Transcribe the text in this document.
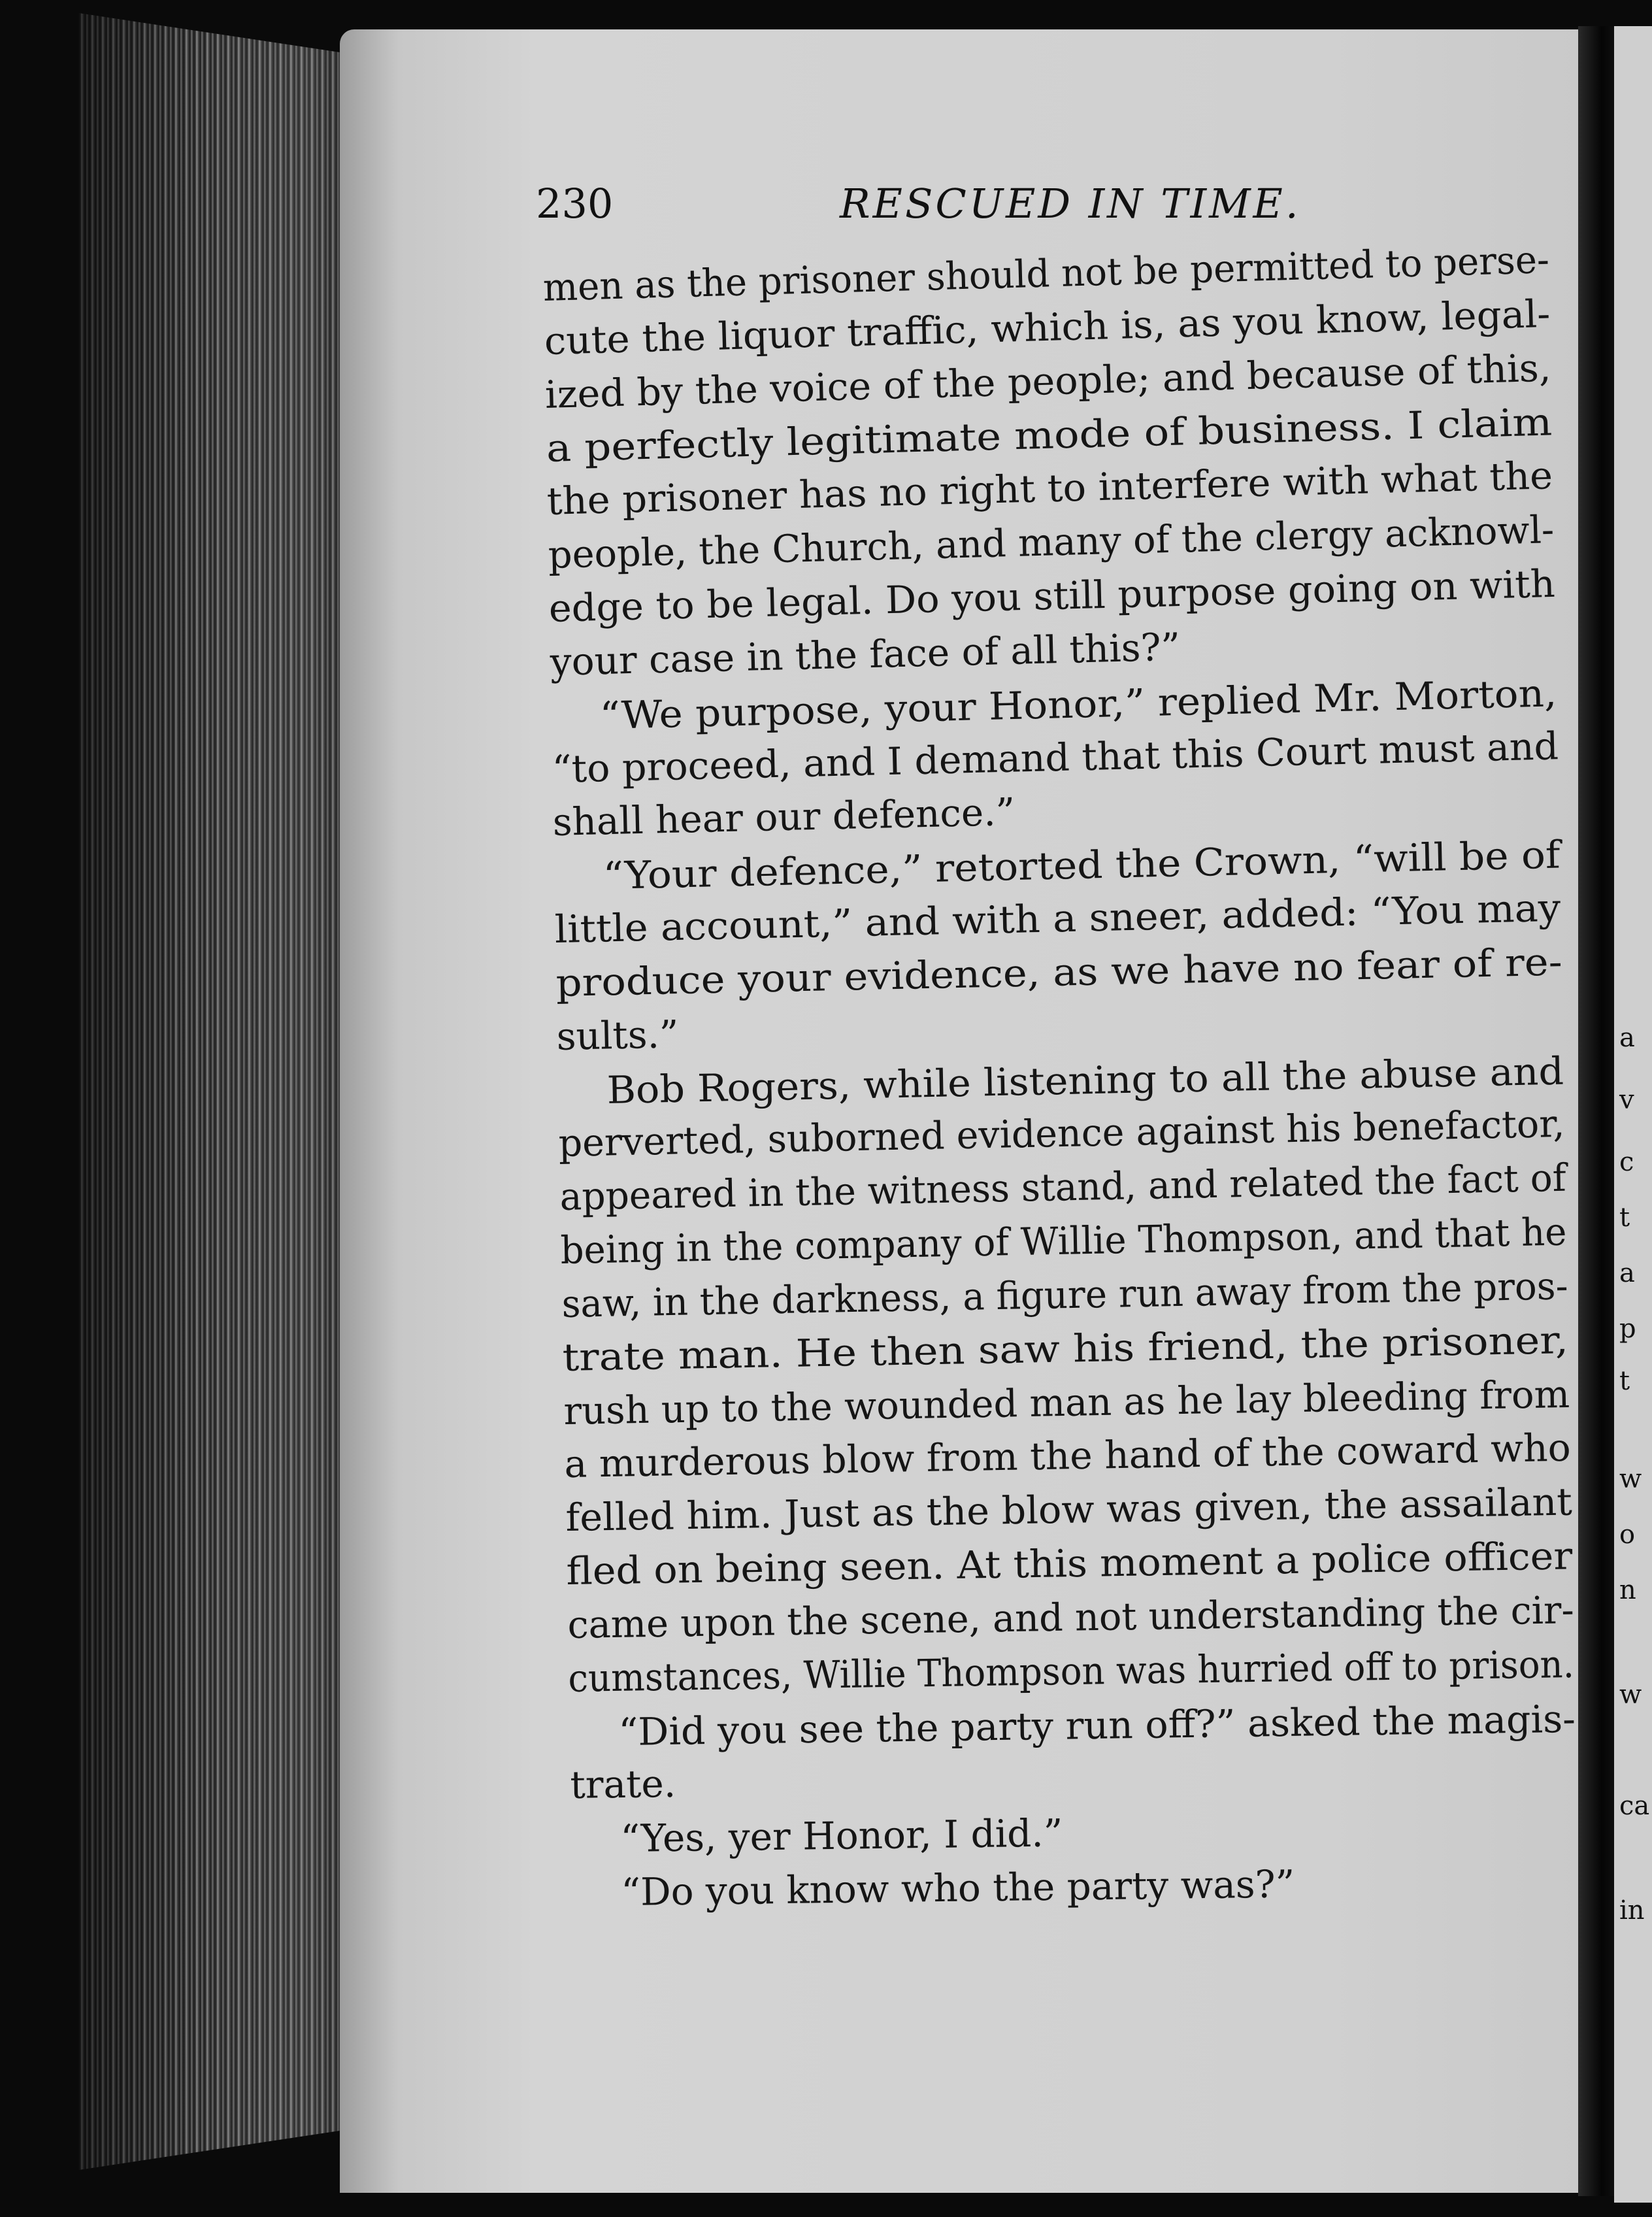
a
v
c
t
a
p
t
w
o
n
w
ca
in
230	RESCUED IN TIME.
men as the prisoner should not be permitted to perse-
cute the liquor traffic, which is, as you know, legal-
ized by the voice of the people; and because of this,
a perfectly legitimate mode of business. I claim
the prisoner has no right to interfere with what the
people, the Church, and many of the clergy acknowl-
edge to be legal. Do you still purpose going on with
your case in the face of all this?”
“We purpose, your Honor,” replied Mr. Morton,
“to proceed, and I demand that this Court must and
shall hear our defence.”
“Your defence,” retorted the Crown, “will be of
little account,” and with a sneer, added: “You may
produce your evidence, as we have no fear of re-
sults.”
Bob Rogers, while listening to all the abuse and
perverted, suborned evidence against his benefactor,
appeared in the witness stand, and related the fact of
being in the company of Willie Thompson, and that he
saw, in the darkness, a figure run away from the pros-
trate man. He then saw his friend, the prisoner,
rush up to the wounded man as he lay bleeding from
a murderous blow from the hand of the coward who
felled him. Just as the blow was given, the assailant
fled on being seen. At this moment a police officer
came upon the scene, and not understanding the cir-
cumstances, Willie Thompson was hurried off to prison.
“Did you see the party run off?” asked the magis-
trate.
“Yes, yer Honor, I did.”
“Do you know who the party was?”
